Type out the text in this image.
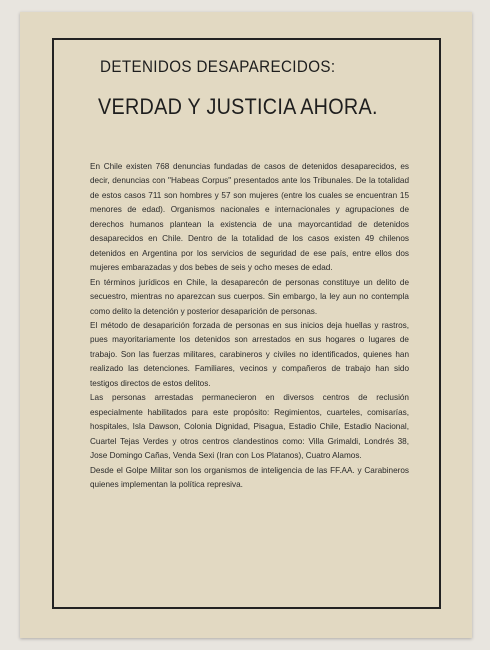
DETENIDOS DESAPARECIDOS:
VERDAD Y JUSTICIA AHORA.

En Chile existen 768 denuncias fundadas de casos de detenidos desaparecidos, es decir, denuncias con "Habeas Corpus" presentados ante los Tribunales. De la totalidad de estos casos 711 son hombres y 57 son mujeres (entre los cuales se encuentran 15 menores de edad). Organismos nacionales e internacionales y agrupaciones de derechos humanos plantean la existencia de una mayorcantidad de detenidos desaparecidos en Chile. Dentro de la totalidad de los casos existen 49 chilenos detenidos en Argentina por los servicios de seguridad de ese país, entre ellos dos mujeres embarazadas y dos bebes de seis y ocho meses de edad.

En términos jurídicos en Chile, la desaparecón de personas constituye un delito de secuestro, mientras no aparezcan sus cuerpos. Sin embargo, la ley aun no contempla como delito la detención y posterior desaparición de personas.

El método de desaparición forzada de personas en sus inicios deja huellas y rastros, pues mayoritariamente los detenidos son arrestados en sus hogares o lugares de trabajo. Son las fuerzas militares, carabineros y civiles no identificados, quienes han realizado las detenciones. Familiares, vecinos y compañeros de trabajo han sido testigos directos de estos delitos.

Las personas arrestadas permanecieron en diversos centros de reclusión especialmente habilitados para este propósito: Regimientos, cuarteles, comisarías, hospitales, Isla Dawson, Colonia Dignidad, Pisagua, Estadio Chile, Estadio Nacional, Cuartel Tejas Verdes y otros centros clandestinos como: Villa Grimaldi, Londrés 38, Jose Domingo Cañas, Venda Sexi (Iran con Los Platanos), Cuatro Alamos.

Desde el Golpe Militar son los organismos de inteligencia de las FF.AA. y Carabineros quienes implementan la política represiva.
